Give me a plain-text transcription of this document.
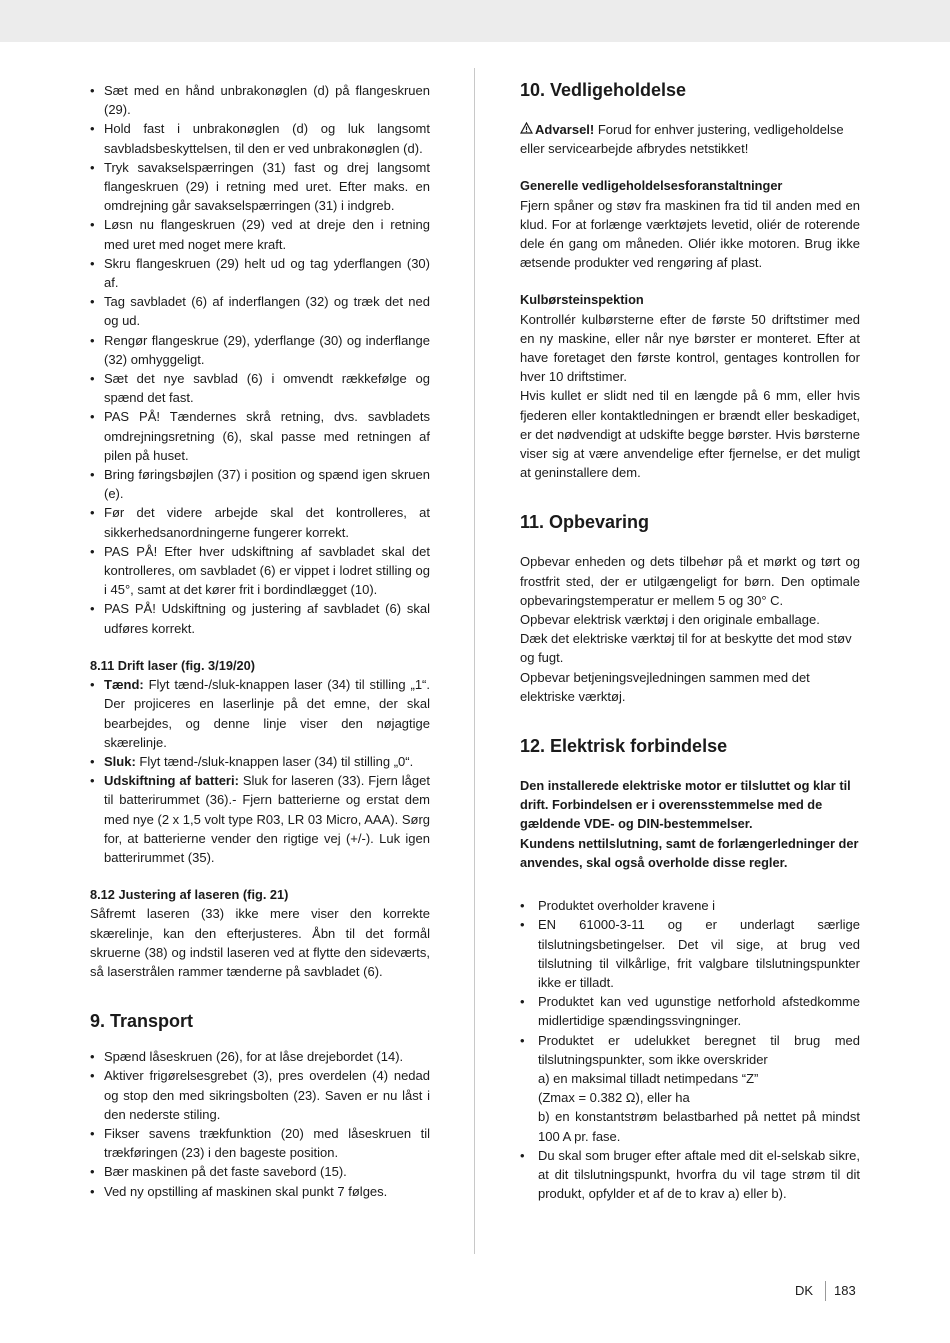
• Sæt med en hånd unbrakonøglen (d) på flangeskruen (29).
• Hold fast i unbrakonøglen (d) og luk langsomt savbladsbeskyttelsen, til den er ved unbrakonøglen (d).
• Tryk savakselspærringen (31) fast og drej langsomt flangeskruen (29) i retning med uret. Efter maks. en omdrejning går savakselspærringen (31) i indgreb.
• Løsn nu flangeskruen (29) ved at dreje den i retning med uret med noget mere kraft.
• Skru flangeskruen (29) helt ud og tag yderflangen (30) af.
• Tag savbladet (6) af inderflangen (32) og træk det ned og ud.
• Rengør flangeskrue (29), yderflange (30) og inderflange (32) omhyggeligt.
• Sæt det nye savblad (6) i omvendt rækkefølge og spænd det fast.
• PAS PÅ! Tændernes skrå retning, dvs. savbladets omdrejningsretning (6), skal passe med retningen af pilen på huset.
• Bring føringsbøjlen (37) i position og spænd igen skruen (e).
• Før det videre arbejde skal det kontrolleres, at sikkerhedsanordningerne fungerer korrekt.
• PAS PÅ! Efter hver udskiftning af savbladet skal det kontrolleres, om savbladet (6) er vippet i lodret stilling og i 45°, samt at det kører frit i bordindlægget (10).
• PAS PÅ! Udskiftning og justering af savbladet (6) skal udføres korrekt.

8.11 Drift laser (fig. 3/19/20)

• Tænd: Flyt tænd-/sluk-knappen laser (34) til stilling „1“. Der projiceres en laserlinje på det emne, der skal bearbejdes, og denne linje viser den nøjagtige skærelinje.
• Sluk: Flyt tænd-/sluk-knappen laser (34) til stilling „0“.
• Udskiftning af batteri: Sluk for laseren (33). Fjern låget til batterirummet (36).- Fjern batterierne og erstat dem med nye (2 x 1,5 volt type R03, LR 03 Micro, AAA). Sørg for, at batterierne vender den rigtige vej (+/-). Luk igen batterirummet (35).

8.12 Justering af laseren (fig. 21)

Såfremt laseren (33) ikke mere viser den korrekte skærelinje, kan den efterjusteres. Åbn til det formål skruerne (38) og indstil laseren ved at flytte den sideværts, så laserstrålen rammer tænderne på savbladet (6).

9. Transport
• Spænd låseskruen (26), for at låse drejebordet (14).
• Aktiver frigørelsesgrebet (3), pres overdelen (4) nedad og stop den med sikringsbolten (23). Saven er nu låst i den nederste stiling.
• Fikser savens trækfunktion (20) med låseskruen til trækføringen (23) i den bageste position.
• Bær maskinen på det faste savebord (15).
• Ved ny opstilling af maskinen skal punkt 7 følges.
10. Vedligeholdelse

Advarsel! Forud for enhver justering, vedligeholdelse eller servicearbejde afbrydes netstikket!

Generelle vedligeholdelsesforanstaltninger

Fjern spåner og støv fra maskinen fra tid til anden med en klud. For at forlænge værktøjets levetid, oliér de roterende dele én gang om måneden. Oliér ikke motoren. Brug ikke ætsende produkter ved rengøring af plast.

Kulbørsteinspektion

Kontrollér kulbørsterne efter de første 50 driftstimer med en ny maskine, eller når nye børster er monteret. Efter at have foretaget den første kontrol, gentages kontrollen for hver 10 driftstimer.

Hvis kullet er slidt ned til en længde på 6 mm, eller hvis fjederen eller kontaktledningen er brændt eller beskadiget, er det nødvendigt at udskifte begge børster. Hvis børsterne viser sig at være anvendelige efter fjernelse, er det muligt at geninstallere dem.

11. Opbevaring

Opbevar enheden og dets tilbehør på et mørkt og tørt og frostfrit sted, der er utilgængeligt for børn. Den optimale opbevaringstemperatur er mellem 5 og 30° C.

Opbevar elektrisk værktøj i den originale emballage.

Dæk det elektriske værktøj til for at beskytte det mod støv og fugt.

Opbevar betjeningsvejledningen sammen med det elektriske værktøj.

12. Elektrisk forbindelse

Den installerede elektriske motor er tilsluttet og klar til drift. Forbindelsen er i overensstemmelse med de gældende VDE- og DIN-bestemmelser.

Kundens nettilslutning, samt de forlængerledninger der anvendes, skal også overholde disse regler.

• Produktet overholder kravene i
• EN 61000-3-11 og er underlagt særlige tilslutningsbetingelser. Det vil sige, at brug ved tilslutning til vilkårlige, frit valgbare tilslutningspunkter ikke er tilladt.
• Produktet kan ved ugunstige netforhold afstedkomme midlertidige spændingssvingninger.
• Produktet er udelukket beregnet til brug med tilslutningspunkter, som ikke overskrider
a) en maksimal tilladt netimpedans “Z”
(Zmax = 0.382 Ω), eller ha
b) en konstantstrøm belastbarhed på nettet på mindst 100 A pr. fase.
• Du skal som bruger efter aftale med dit el-selskab sikre, at dit tilslutningspunkt, hvorfra du vil tage strøm til dit produkt, opfylder et af de to krav a) eller b).
DK 183
